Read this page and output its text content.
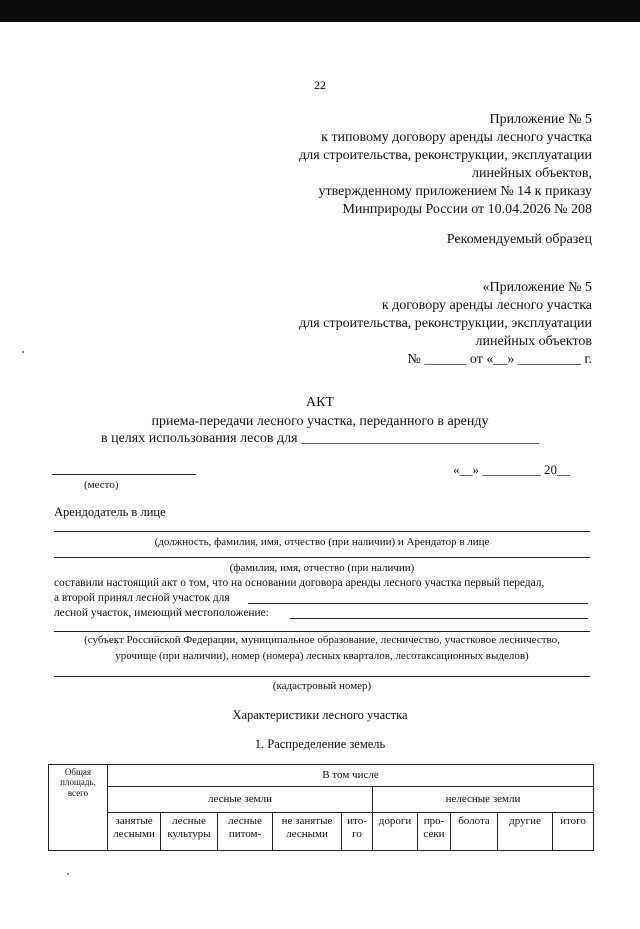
22
Приложение № 5
к типовому договору аренды лесного участка
для строительства, реконструкции, эксплуатации
линейных объектов,
утвержденному приложением № 14 к приказу
Минприроды России от 10.04.2026 № 208
Рекомендуемый образец
«Приложение № 5
к договору аренды лесного участка
для строительства, реконструкции, эксплуатации
линейных объектов
№ ______ от «__» _________ г.
АКТ
приема-передачи лесного участка, переданного в аренду
в целях использования лесов для __________________________________
«__» _________ 20__
(место)
Арендодатель в лице
(должность, фамилия, имя, отчество (при наличии) и Арендатор в лице
(фамилия, имя, отчество (при наличии)
составили настоящий акт о том, что на основании договора аренды лесного участка первый передал,
а второй принял лесной участок для
лесной участок, имеющий местоположение:
(субъект Российской Федерации, муниципальное образование, лесничество, участковое лесничество,
урочище (при наличии), номер (номера) лесных кварталов, лесотаксационных выделов)
(кадастровый номер)
Характеристики лесного участка
1. Распределение земель
Общая площадь, всего	В том числе									
	лесные земли					нелесные земли				
	занятые лесными	лесные культуры	лесные питом-	не занятые лесными	ито- го	дороги	про- секи	болота	другие	итого
